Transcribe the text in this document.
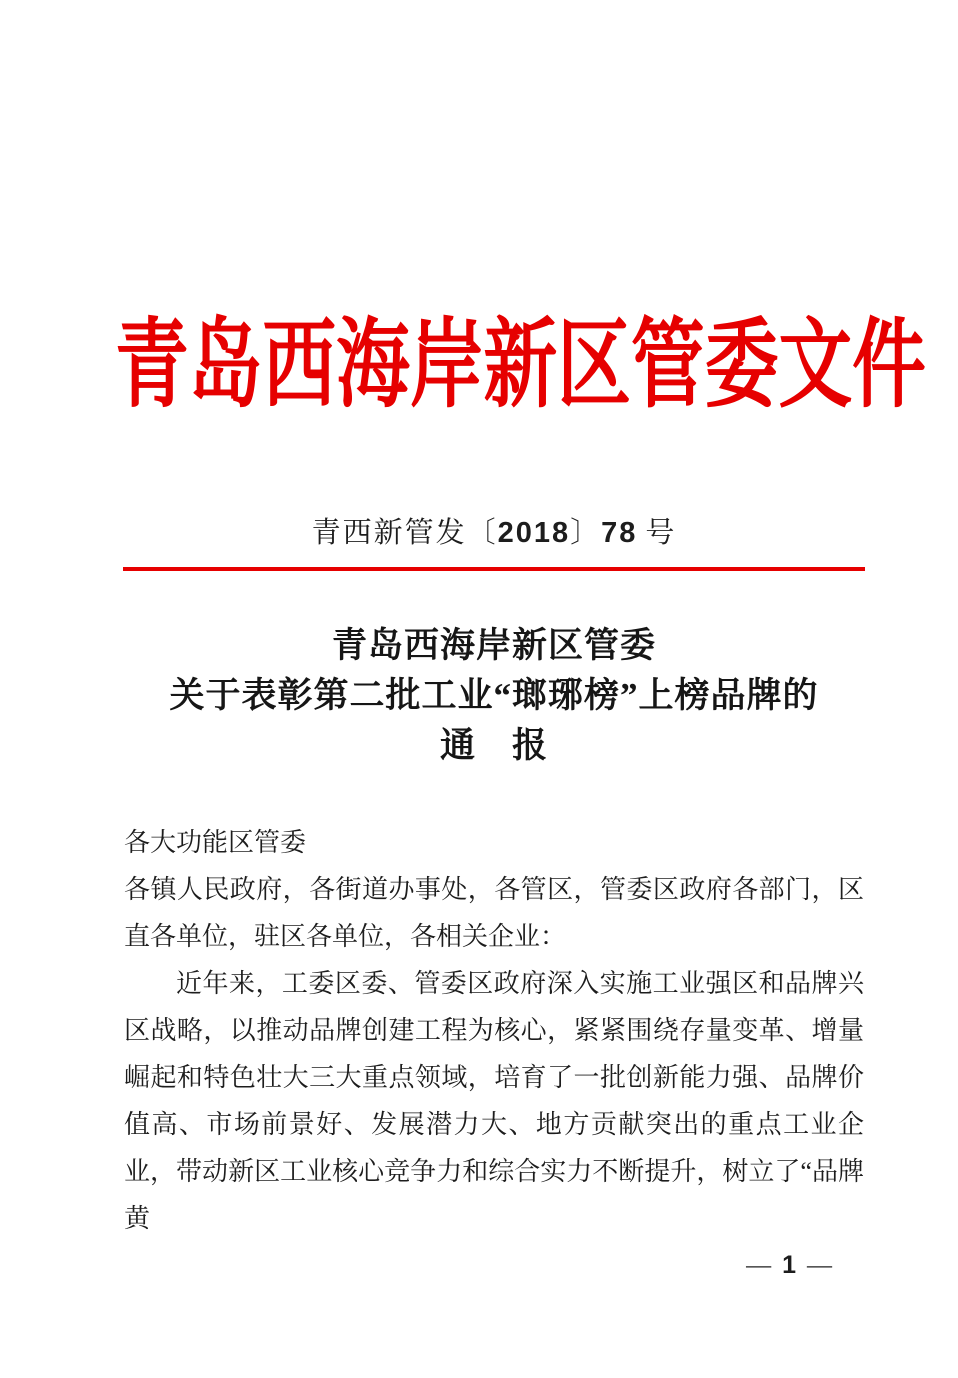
青岛西海岸新区管委文件
青西新管发〔2018〕78 号
青岛西海岸新区管委
关于表彰第二批工业“瑯琊榜”上榜品牌的
通　报

各大功能区管委

各镇人民政府，各街道办事处，各管区，管委区政府各部门，区直各单位，驻区各单位，各相关企业：

近年来，工委区委、管委区政府深入实施工业强区和品牌兴区战略，以推动品牌创建工程为核心，紧紧围绕存量变革、增量崛起和特色壮大三大重点领域，培育了一批创新能力强、品牌价值高、市场前景好、发展潜力大、地方贡献突出的重点工业企业，带动新区工业核心竞争力和综合实力不断提升，树立了“品牌黄

— 1 —
